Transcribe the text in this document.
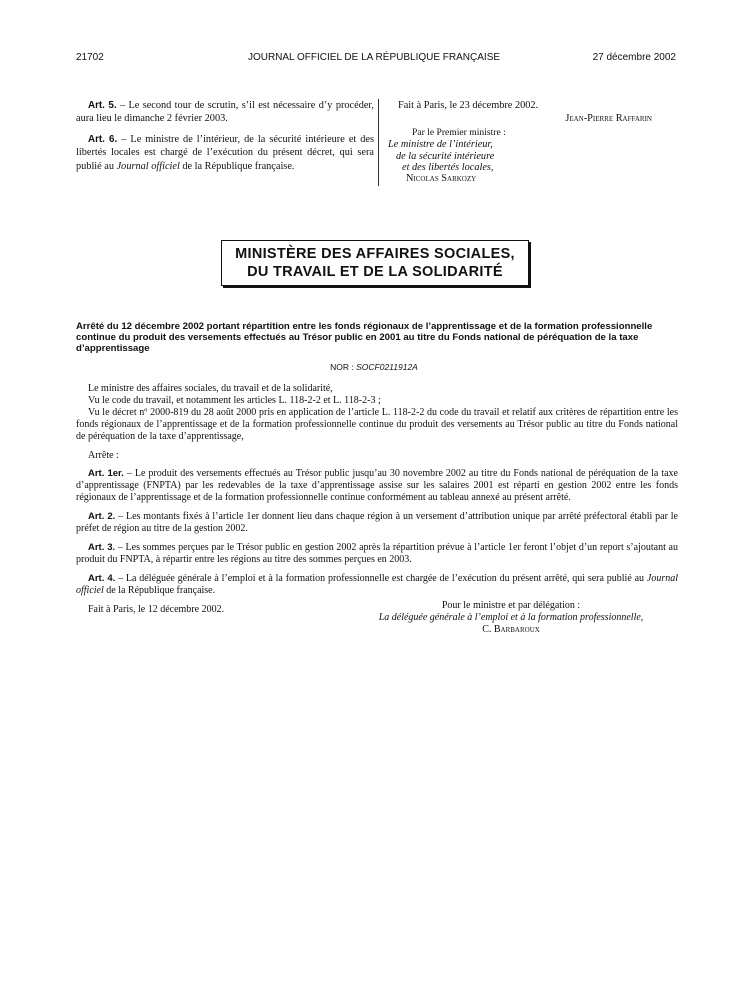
21702	JOURNAL OFFICIEL DE LA RÉPUBLIQUE FRANÇAISE	27 décembre 2002

Art. 5. – Le second tour de scrutin, s’il est nécessaire d’y procéder, aura lieu le dimanche 2 février 2003.

Art. 6. – Le ministre de l’intérieur, de la sécurité intérieure et des libertés locales est chargé de l’exécution du présent décret, qui sera publié au Journal officiel de la République française.

Fait à Paris, le 23 décembre 2002.
Jean-Pierre Raffarin
Par le Premier ministre :
Le ministre de l’intérieur,
de la sécurité intérieure
et des libertés locales,
Nicolas Sarkozy
MINISTÈRE DES AFFAIRES SOCIALES,
DU TRAVAIL ET DE LA SOLIDARITÉ
Arrêté du 12 décembre 2002 portant répartition entre les fonds régionaux de l’apprentissage et de la formation professionnelle continue du produit des versements effectués au Trésor public en 2001 au titre du Fonds national de péréquation de la taxe d’apprentissage
NOR : SOCF0211912A

Le ministre des affaires sociales, du travail et de la solidarité,

Vu le code du travail, et notamment les articles L. 118-2-2 et L. 118-2-3 ;

Vu le décret nº 2000-819 du 28 août 2000 pris en application de l’article L. 118-2-2 du code du travail et relatif aux critères de répartition entre les fonds régionaux de l’apprentissage et de la formation professionnelle continue du produit des versements au Trésor public au titre du Fonds national de péréquation de la taxe d’apprentissage,

Arrête :

Art. 1er. – Le produit des versements effectués au Trésor public jusqu’au 30 novembre 2002 au titre du Fonds national de péréquation de la taxe d’apprentissage (FNPTA) par les redevables de la taxe d’apprentissage assise sur les salaires 2001 est réparti en gestion 2002 entre les fonds régionaux de l’apprentissage et de la formation professionnelle continue conformément au tableau annexé au présent arrêté.

Art. 2. – Les montants fixés à l’article 1er donnent lieu dans chaque région à un versement d’attribution unique par arrêté préfectoral établi par le préfet de région au titre de la gestion 2002.

Art. 3. – Les sommes perçues par le Trésor public en gestion 2002 après la répartition prévue à l’article 1er feront l’objet d’un report s’ajoutant au produit du FNPTA, à répartir entre les régions au titre des sommes perçues en 2003.

Art. 4. – La déléguée générale à l’emploi et à la formation professionnelle est chargée de l’exécution du présent arrêté, qui sera publié au Journal officiel de la République française.

Fait à Paris, le 12 décembre 2002.	Pour le ministre et par délégation :
La déléguée générale à l’emploi et à la formation professionnelle,
C. Barbaroux
